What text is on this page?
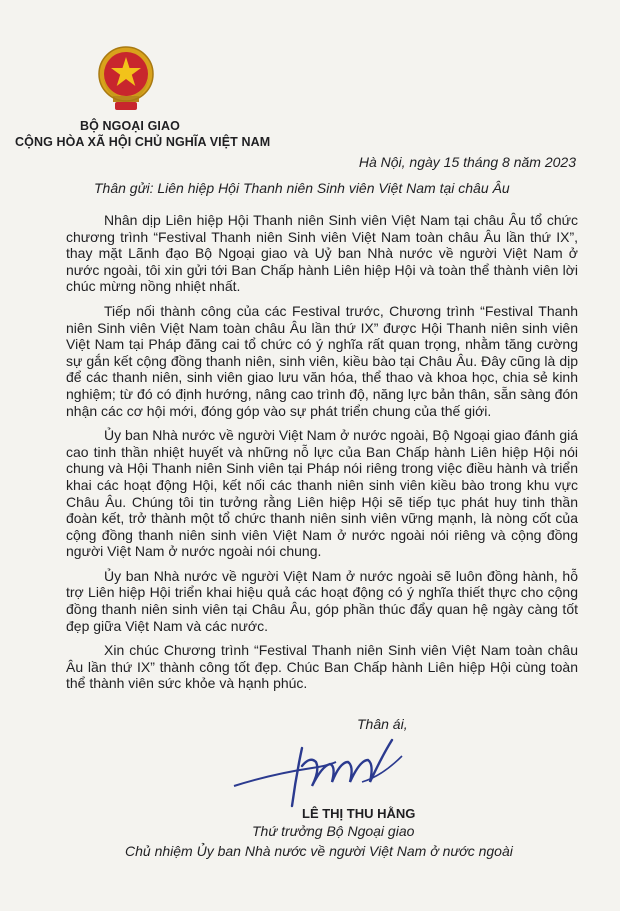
BỘ NGOẠI GIAO
CỘNG HÒA XÃ HỘI CHỦ NGHĨA VIỆT NAM
Hà Nội, ngày 15 tháng 8 năm 2023
Thân gửi: Liên hiệp Hội Thanh niên Sinh viên Việt Nam tại châu Âu

Nhân dịp Liên hiệp Hội Thanh niên Sinh viên Việt Nam tại châu Âu tổ chức chương trình “Festival Thanh niên Sinh viên Việt Nam toàn châu Âu lần thứ IX”, thay mặt Lãnh đạo Bộ Ngoại giao và Uỷ ban Nhà nước về người Việt Nam ở nước ngoài, tôi xin gửi tới Ban Chấp hành Liên hiệp Hội và toàn thể thành viên lời chúc mừng nồng nhiệt nhất.

Tiếp nối thành công của các Festival trước, Chương trình “Festival Thanh niên Sinh viên Việt Nam toàn châu Âu lần thứ IX” được Hội Thanh niên sinh viên Việt Nam tại Pháp đăng cai tổ chức có ý nghĩa rất quan trọng, nhằm tăng cường sự gắn kết cộng đồng thanh niên, sinh viên, kiều bào tại Châu Âu. Đây cũng là dịp để các thanh niên, sinh viên giao lưu văn hóa, thể thao và khoa học, chia sẻ kinh nghiệm; từ đó có định hướng, nâng cao trình độ, năng lực bản thân, sẵn sàng đón nhận các cơ hội mới, đóng góp vào sự phát triển chung của thế giới.

Ủy ban Nhà nước về người Việt Nam ở nước ngoài, Bộ Ngoại giao đánh giá cao tinh thần nhiệt huyết và những nỗ lực của Ban Chấp hành Liên hiệp Hội nói chung và Hội Thanh niên Sinh viên tại Pháp nói riêng trong việc điều hành và triển khai các hoạt động Hội, kết nối các thanh niên sinh viên kiều bào trong khu vực Châu Âu. Chúng tôi tin tưởng rằng Liên hiệp Hội sẽ tiếp tục phát huy tinh thần đoàn kết, trở thành một tổ chức thanh niên sinh viên vững mạnh, là nòng cốt của cộng đồng thanh niên sinh viên Việt Nam ở nước ngoài nói riêng và cộng đồng người Việt Nam ở nước ngoài nói chung.

Ủy ban Nhà nước về người Việt Nam ở nước ngoài sẽ luôn đồng hành, hỗ trợ Liên hiệp Hội triển khai hiệu quả các hoạt động có ý nghĩa thiết thực cho cộng đồng thanh niên sinh viên tại Châu Âu, góp phần thúc đẩy quan hệ ngày càng tốt đẹp giữa Việt Nam và các nước.

Xin chúc Chương trình “Festival Thanh niên Sinh viên Việt Nam toàn châu Âu lần thứ IX” thành công tốt đẹp. Chúc Ban Chấp hành Liên hiệp Hội cùng toàn thể thành viên sức khỏe và hạnh phúc.

Thân ái,
LÊ THỊ THU HẰNG
Thứ trưởng Bộ Ngoại giao
Chủ nhiệm Ủy ban Nhà nước về người Việt Nam ở nước ngoài
